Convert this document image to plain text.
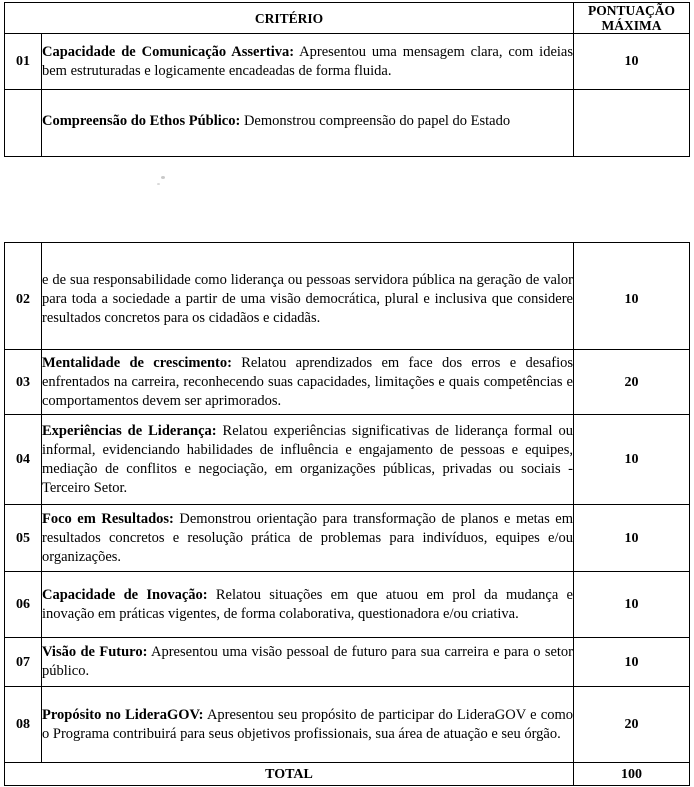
CRITÉRIO		PONTUAÇÃO MÁXIMA
01	Capacidade de Comunicação Assertiva: Apresentou uma mensagem clara, com ideias bem estruturadas e logicamente encadeadas de forma fluida.	10
	Compreensão do Ethos Público: Demonstrou compreensão do papel do Estado	
02	e de sua responsabilidade como liderança ou pessoas servidora pública na geração de valor para toda a sociedade a partir de uma visão democrática, plural e inclusiva que considere resultados concretos para os cidadãos e cidadãs.	10
03	Mentalidade de crescimento: Relatou aprendizados em face dos erros e desafios enfrentados na carreira, reconhecendo suas capacidades, limitações e quais competências e comportamentos devem ser aprimorados.	20
04	Experiências de Liderança: Relatou experiências significativas de liderança formal ou informal, evidenciando habilidades de influência e engajamento de pessoas e equipes, mediação de conflitos e negociação, em organizações públicas, privadas ou sociais - Terceiro Setor.	10
05	Foco em Resultados: Demonstrou orientação para transformação de planos e metas em resultados concretos e resolução prática de problemas para indivíduos, equipes e/ou organizações.	10
06	Capacidade de Inovação: Relatou situações em que atuou em prol da mudança e inovação em práticas vigentes, de forma colaborativa, questionadora e/ou criativa.	10
07	Visão de Futuro: Apresentou uma visão pessoal de futuro para sua carreira e para o setor público.	10
08	Propósito no LideraGOV: Apresentou seu propósito de participar do LideraGOV e como o Programa contribuirá para seus objetivos profissionais, sua área de atuação e seu órgão.	20
TOTAL		100
